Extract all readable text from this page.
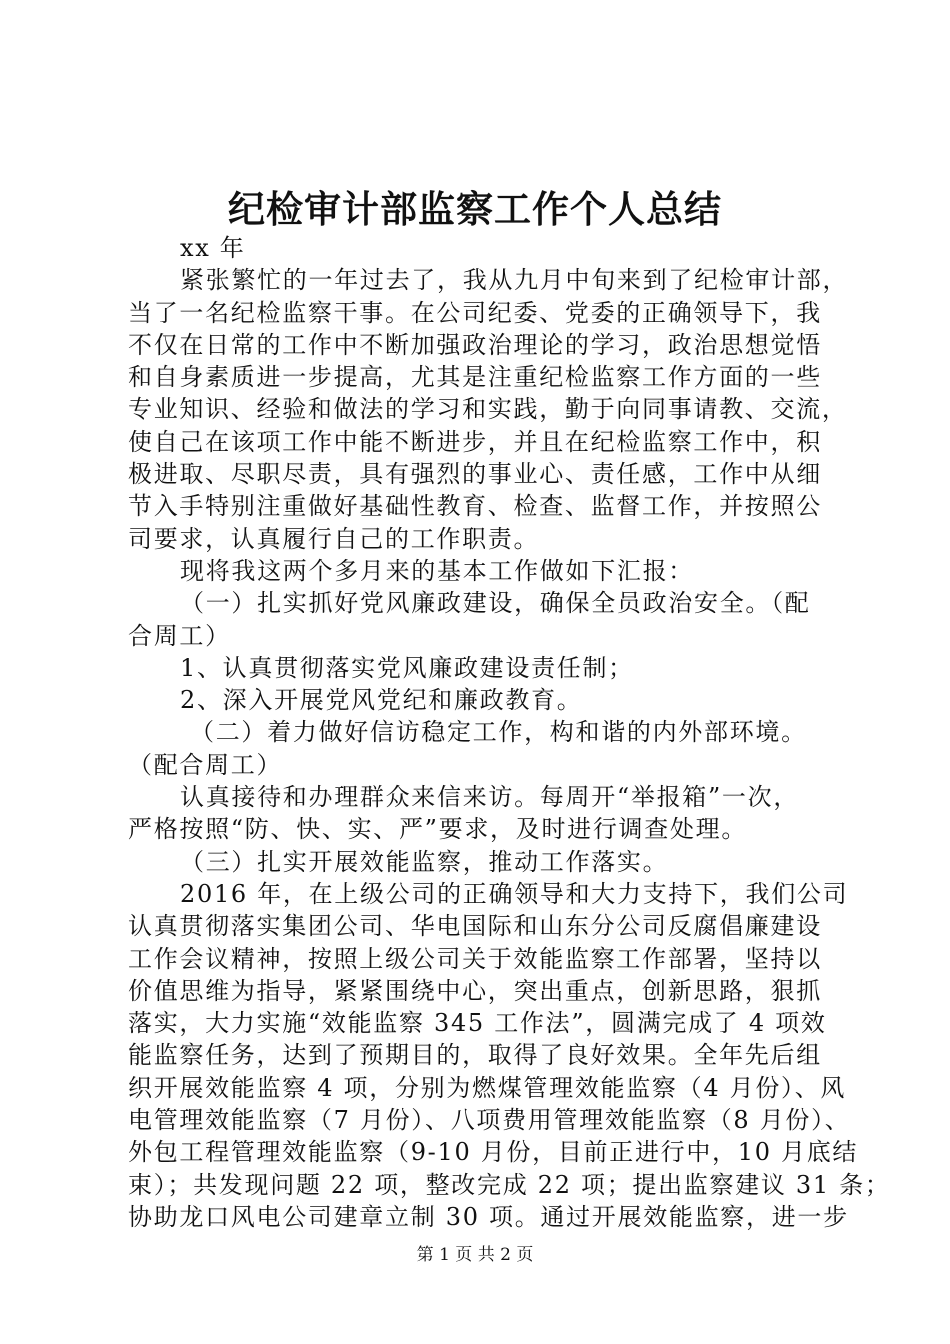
纪检审计部监察工作个人总结
xx 年
紧张繁忙的一年过去了，我从九月中旬来到了纪检审计部，
当了一名纪检监察干事。在公司纪委、党委的正确领导下，我
不仅在日常的工作中不断加强政治理论的学习，政治思想觉悟
和自身素质进一步提高，尤其是注重纪检监察工作方面的一些
专业知识、经验和做法的学习和实践，勤于向同事请教、交流，
使自己在该项工作中能不断进步，并且在纪检监察工作中，积
极进取、尽职尽责，具有强烈的事业心、责任感，工作中从细
节入手特别注重做好基础性教育、检查、监督工作，并按照公
司要求，认真履行自己的工作职责。
现将我这两个多月来的基本工作做如下汇报：
（一）扎实抓好党风廉政建设，确保全员政治安全。（配
合周工）
1、认真贯彻落实党风廉政建设责任制；
2、深入开展党风党纪和廉政教育。
（二）着力做好信访稳定工作，构和谐的内外部环境。
（配合周工）
认真接待和办理群众来信来访。每周开“举报箱”一次，
严格按照“防、快、实、严”要求，及时进行调查处理。
（三）扎实开展效能监察，推动工作落实。
2016 年，在上级公司的正确领导和大力支持下，我们公司
认真贯彻落实集团公司、华电国际和山东分公司反腐倡廉建设
工作会议精神，按照上级公司关于效能监察工作部署，坚持以
价值思维为指导，紧紧围绕中心，突出重点，创新思路，狠抓
落实，大力实施“效能监察 345 工作法”，圆满完成了 4 项效
能监察任务，达到了预期目的，取得了良好效果。全年先后组
织开展效能监察 4 项，分别为燃煤管理效能监察（4 月份）、风
电管理效能监察（7 月份）、八项费用管理效能监察（8 月份）、
外包工程管理效能监察（9-10 月份，目前正进行中，10 月底结
束）；共发现问题 22 项，整改完成 22 项；提出监察建议 31 条；
协助龙口风电公司建章立制 30 项。通过开展效能监察，进一步
第 1 页 共 2 页
